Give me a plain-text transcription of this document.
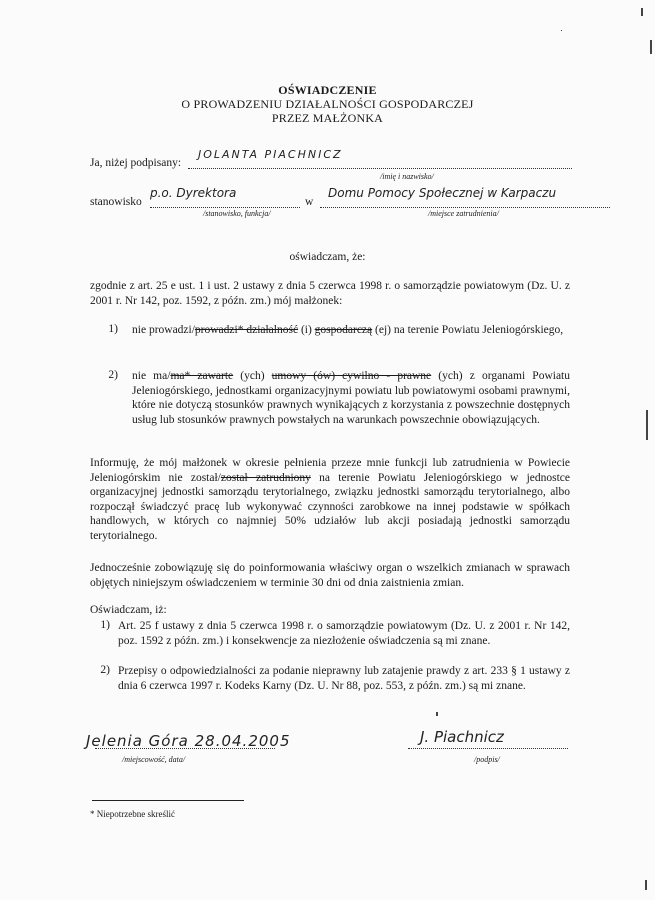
OŚWIADCZENIE
O PROWADZENIU DZIAŁALNOŚCI GOSPODARCZEJ
PRZEZ MAŁŻONKA
Ja, niżej podpisany:
JOLANTA PIACHNICZ
/imię i nazwisko/
stanowisko
p.o. Dyrektora
w
Domu Pomocy Społecznej w Karpaczu
/stanowisko, funkcja/	/miejsce zatrudnienia/
oświadczam, że:
zgodnie z art. 25 e ust. 1 i ust. 2 ustawy z dnia 5 czerwca 1998 r. o samorządzie powiatowym (Dz. U. z 2001 r. Nr 142, poz. 1592, z późn. zm.) mój małżonek:
1) nie prowadzi/prowadzi* działalność (i) gospodarczą (ej) na terenie Powiatu Jeleniogórskiego,
2) nie ma/ma* zawarte (ych) umowy (ów) cywilno - prawne (ych) z organami Powiatu Jeleniogórskiego, jednostkami organizacyjnymi powiatu lub powiatowymi osobami prawnymi, które nie dotyczą stosunków prawnych wynikających z korzystania z powszechnie dostępnych usług lub stosunków prawnych powstałych na warunkach powszechnie obowiązujących.
Informuję, że mój małżonek w okresie pełnienia przeze mnie funkcji lub zatrudnienia w Powiecie Jeleniogórskim nie został/został zatrudniony na terenie Powiatu Jeleniogórskiego w jednostce organizacyjnej jednostki samorządu terytorialnego, związku jednostki samorządu terytorialnego, albo rozpoczął świadczyć pracę lub wykonywać czynności zarobkowe na innej podstawie w spółkach handlowych, w których co najmniej 50% udziałów lub akcji posiadają jednostki samorządu terytorialnego.
Jednocześnie zobowiązuję się do poinformowania właściwy organ o wszelkich zmianach w sprawach objętych niniejszym oświadczeniem w terminie 30 dni od dnia zaistnienia zmian.
Oświadczam, iż:
1) Art. 25 f ustawy z dnia 5 czerwca 1998 r. o samorządzie powiatowym (Dz. U. z 2001 r. Nr 142, poz. 1592 z późn. zm.) i konsekwencje za niezłożenie oświadczenia są mi znane.
2) Przepisy o odpowiedzialności za podanie nieprawny lub zatajenie prawdy z art. 233 § 1 ustawy z dnia 6 czerwca 1997 r. Kodeks Karny (Dz. U. Nr 88, poz. 553, z późn. zm.) są mi znane.
Jelenia Góra 28.04.2005
/miejscowość, data/
J. Piachnicz
/podpis/
* Niepotrzebne skreślić
